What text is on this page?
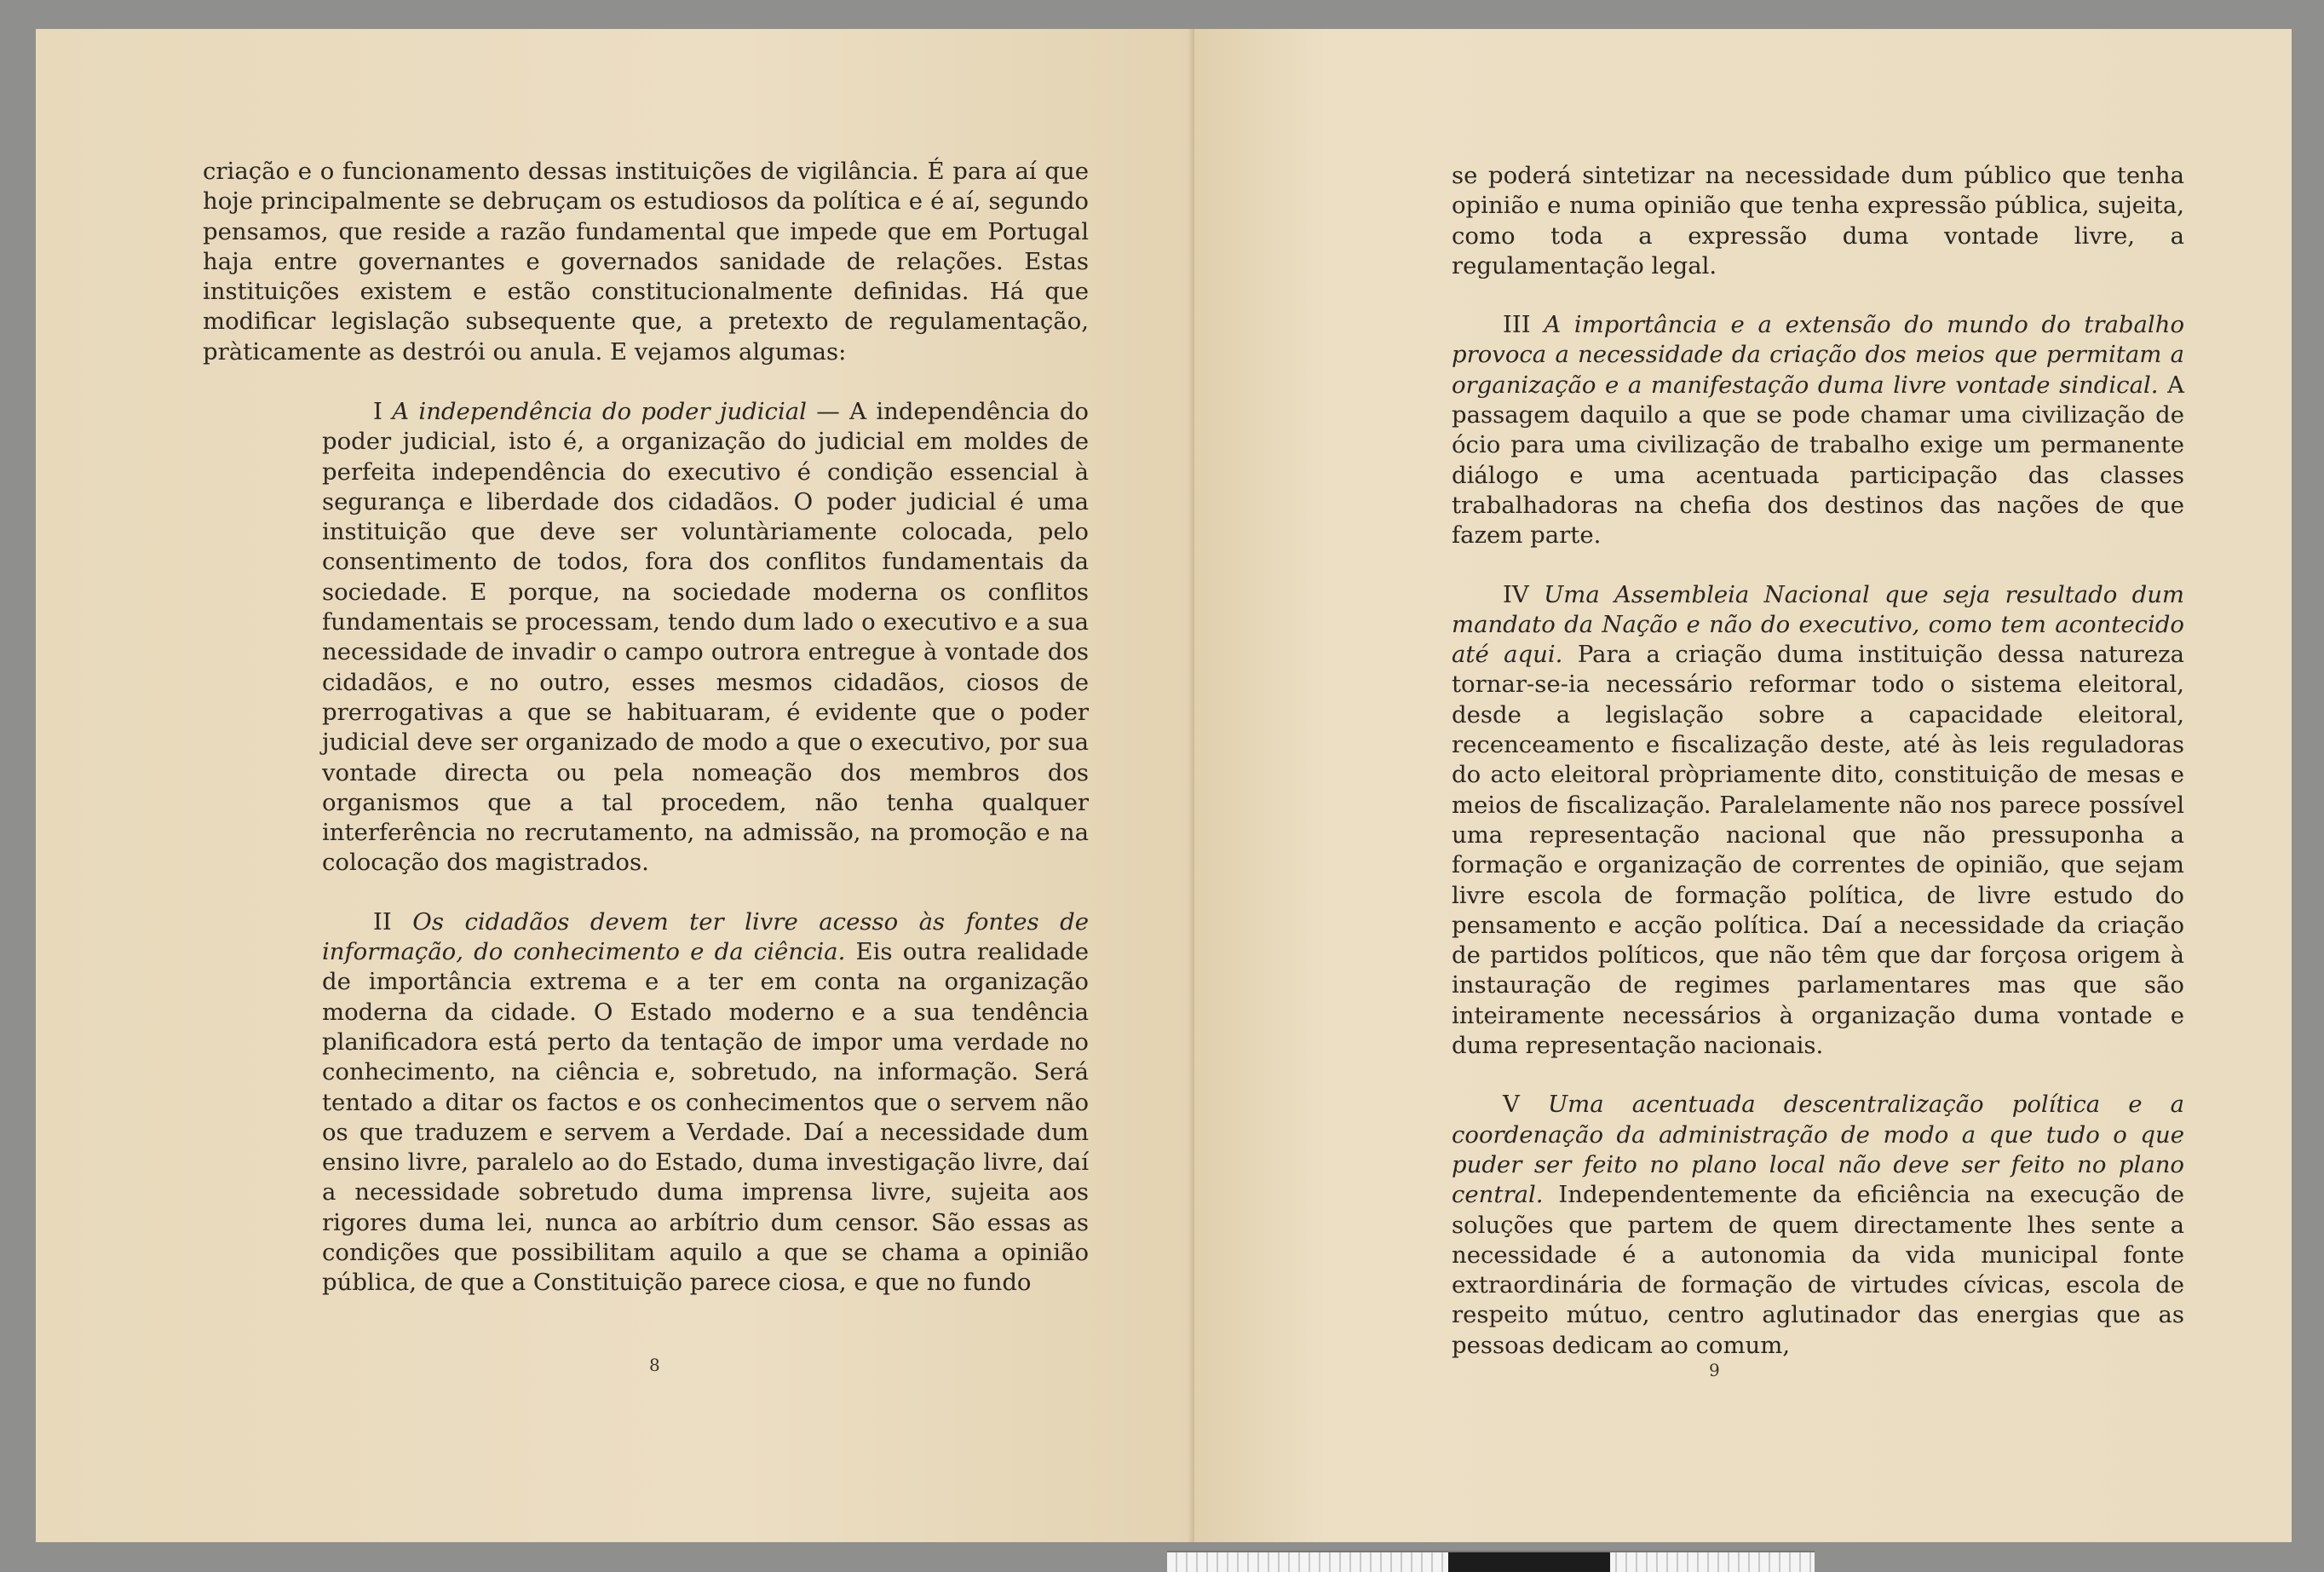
criação e o funcionamento dessas instituições de vigilância. É para aí que hoje principalmente se debruçam os estudiosos da política e é aí, segundo pensamos, que reside a razão fundamental que impede que em Portugal haja entre governantes e governados sanidade de relações. Estas instituições existem e estão constitucionalmente definidas. Há que modificar legislação subsequente que, a pretexto de regulamentação, pràticamente as destrói ou anula. E vejamos algumas:

I A independência do poder judicial — A independência do poder judicial, isto é, a organização do judicial em moldes de perfeita independência do executivo é condição essencial à segurança e liberdade dos cidadãos. O poder judicial é uma instituição que deve ser voluntàriamente colocada, pelo consentimento de todos, fora dos conflitos fundamentais da sociedade. E porque, na sociedade moderna os conflitos fundamentais se processam, tendo dum lado o executivo e a sua necessidade de invadir o campo outrora entregue à vontade dos cidadãos, e no outro, esses mesmos cidadãos, ciosos de prerrogativas a que se habituaram, é evidente que o poder judicial deve ser organizado de modo a que o executivo, por sua vontade directa ou pela nomeação dos membros dos organismos que a tal procedem, não tenha qualquer interferência no recrutamento, na admissão, na promoção e na colocação dos magistrados.

II Os cidadãos devem ter livre acesso às fontes de informação, do conhecimento e da ciência. Eis outra realidade de importância extrema e a ter em conta na organização moderna da cidade. O Estado moderno e a sua tendência planificadora está perto da tentação de impor uma verdade no conhecimento, na ciência e, sobretudo, na informação. Será tentado a ditar os factos e os conhecimentos que o servem não os que traduzem e servem a Verdade. Daí a necessidade dum ensino livre, paralelo ao do Estado, duma investigação livre, daí a necessidade sobretudo duma imprensa livre, sujeita aos rigores duma lei, nunca ao arbítrio dum censor. São essas as condições que possibilitam aquilo a que se chama a opinião pública, de que a Constituição parece ciosa, e que no fundo

8

se poderá sintetizar na necessidade dum público que tenha opinião e numa opinião que tenha expressão pública, sujeita, como toda a expressão duma vontade livre, a regulamentação legal.

III A importância e a extensão do mundo do trabalho provoca a necessidade da criação dos meios que permitam a organização e a manifestação duma livre vontade sindical. A passagem daquilo a que se pode chamar uma civilização de ócio para uma civilização de trabalho exige um permanente diálogo e uma acentuada participação das classes trabalhadoras na chefia dos destinos das nações de que fazem parte.

IV Uma Assembleia Nacional que seja resultado dum mandato da Nação e não do executivo, como tem acontecido até aqui. Para a criação duma instituição dessa natureza tornar-se-ia necessário reformar todo o sistema eleitoral, desde a legislação sobre a capacidade eleitoral, recenceamento e fiscalização deste, até às leis reguladoras do acto eleitoral pròpriamente dito, constituição de mesas e meios de fiscalização. Paralelamente não nos parece possível uma representação nacional que não pressuponha a formação e organização de correntes de opinião, que sejam livre escola de formação política, de livre estudo do pensamento e acção política. Daí a necessidade da criação de partidos políticos, que não têm que dar forçosa origem à instauração de regimes parlamentares mas que são inteiramente necessários à organização duma vontade e duma representação nacionais.

V Uma acentuada descentralização política e a coordenação da administração de modo a que tudo o que puder ser feito no plano local não deve ser feito no plano central. Independentemente da eficiência na execução de soluções que partem de quem directamente lhes sente a necessidade é a autonomia da vida municipal fonte extraordinária de formação de virtudes cívicas, escola de respeito mútuo, centro aglutinador das energias que as pessoas dedicam ao comum,

9
